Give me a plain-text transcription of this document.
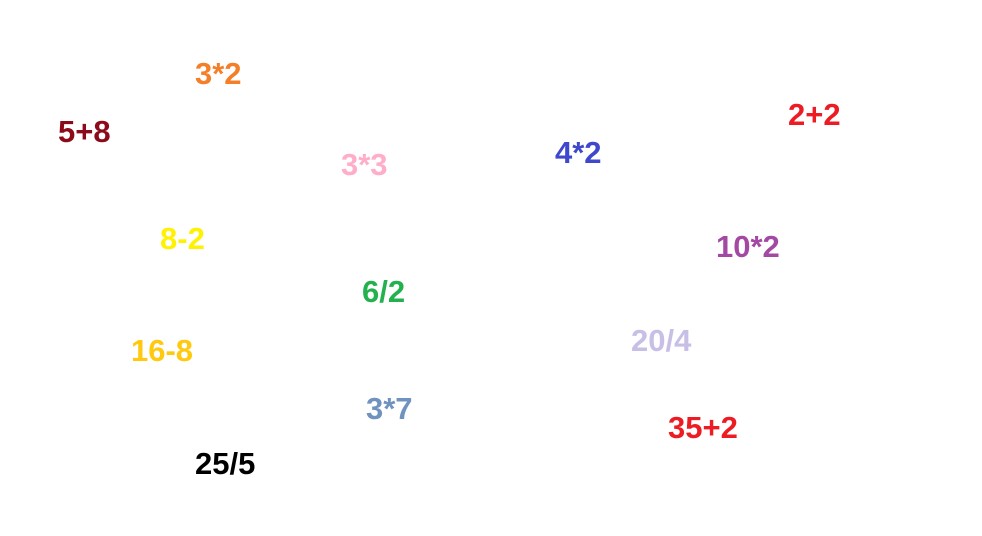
3*2
5+8
3*3	4*2
2+2
8-2	10*2
6/2
20/4
16-8
3*7
35+2
25/5
